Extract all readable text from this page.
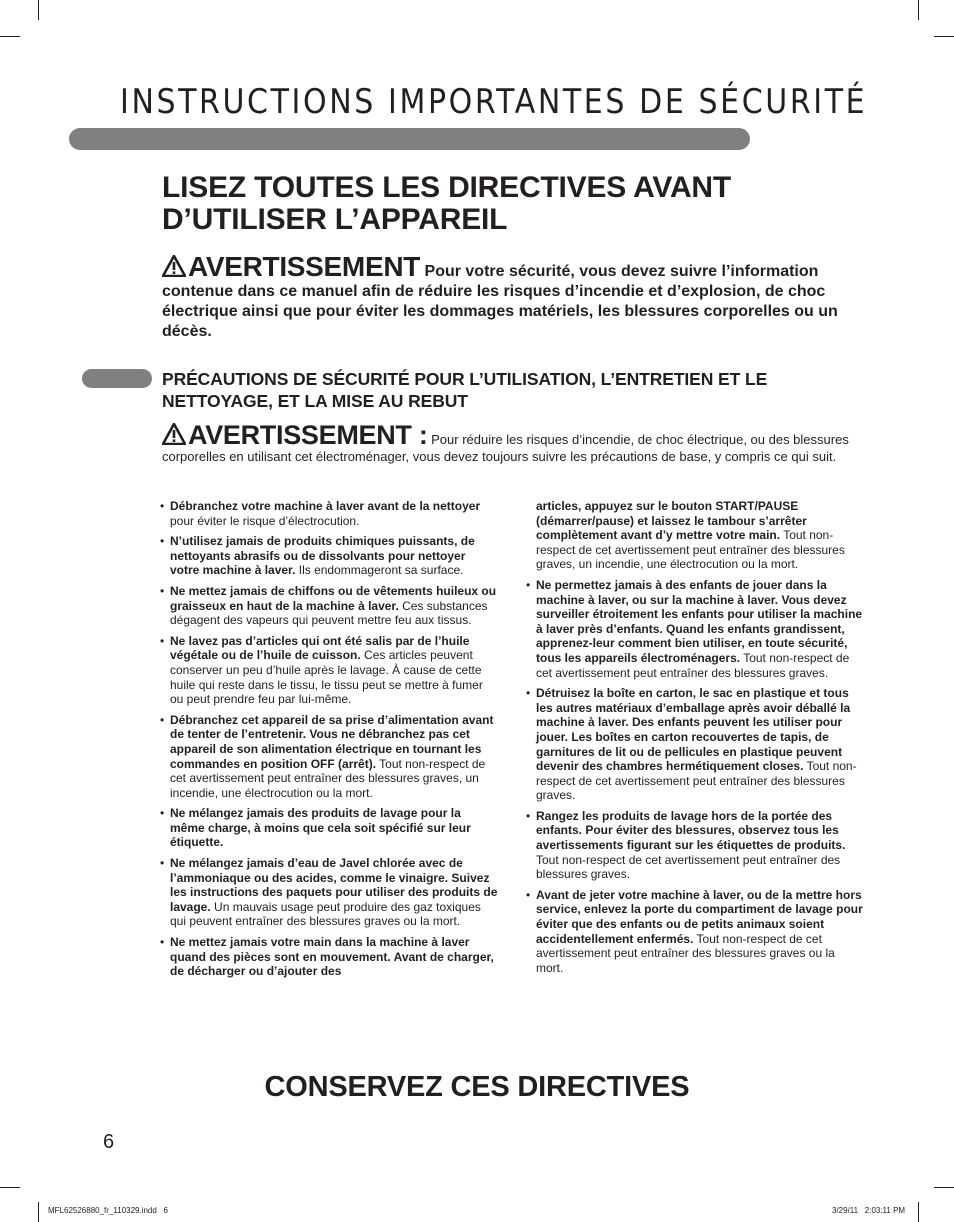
INSTRUCTIONS IMPORTANTES DE SÉCURITÉ
LISEZ TOUTES LES DIRECTIVES AVANT D’UTILISER L’APPAREIL
AVERTISSEMENT Pour votre sécurité, vous devez suivre l’information contenue dans ce manuel afin de réduire les risques d’incendie et d’explosion, de choc électrique ainsi que pour éviter les dommages matériels, les blessures corporelles ou un décès.
PRÉCAUTIONS DE SÉCURITÉ POUR L’UTILISATION, L’ENTRETIEN ET LE NETTOYAGE, ET LA MISE AU REBUT
AVERTISSEMENT : Pour réduire les risques d’incendie, de choc électrique, ou des blessures corporelles en utilisant cet électroménager, vous devez toujours suivre les précautions de base, y compris ce qui suit.

• Débranchez votre machine à laver avant de la nettoyer pour éviter le risque d’électrocution.

• N’utilisez jamais de produits chimiques puissants, de nettoyants abrasifs ou de dissolvants pour nettoyer votre machine à laver. Ils endommageront sa surface.

• Ne mettez jamais de chiffons ou de vêtements huileux ou graisseux en haut de la machine à laver. Ces substances dégagent des vapeurs qui peuvent mettre feu aux tissus.

• Ne lavez pas d’articles qui ont été salis par de l’huile végétale ou de l’huile de cuisson. Ces articles peuvent conserver un peu d’huile après le lavage. À cause de cette huile qui reste dans le tissu, le tissu peut se mettre à fumer ou peut prendre feu par lui-même.

• Débranchez cet appareil de sa prise d’alimentation avant de tenter de l’entretenir. Vous ne débranchez pas cet appareil de son alimentation électrique en tournant les commandes en position OFF (arrêt). Tout non-respect de cet avertissement peut entraîner des blessures graves, un incendie, une électrocution ou la mort.

• Ne mélangez jamais des produits de lavage pour la même charge, à moins que cela soit spécifié sur leur étiquette.

• Ne mélangez jamais d’eau de Javel chlorée avec de l’ammoniaque ou des acides, comme le vinaigre. Suivez les instructions des paquets pour utiliser des produits de lavage. Un mauvais usage peut produire des gaz toxiques qui peuvent entraîner des blessures graves ou la mort.

• Ne mettez jamais votre main dans la machine à laver quand des pièces sont en mouvement. Avant de charger, de décharger ou d’ajouter des

articles, appuyez sur le bouton START/PAUSE (démarrer/pause) et laissez le tambour s’arrêter complètement avant d’y mettre votre main. Tout non-respect de cet avertissement peut entraîner des blessures graves, un incendie, une électrocution ou la mort.

• Ne permettez jamais à des enfants de jouer dans la machine à laver, ou sur la machine à laver. Vous devez surveiller étroitement les enfants pour utiliser la machine à laver près d’enfants. Quand les enfants grandissent, apprenez-leur comment bien utiliser, en toute sécurité, tous les appareils électroménagers. Tout non-respect de cet avertissement peut entraîner des blessures graves.

• Détruisez la boîte en carton, le sac en plastique et tous les autres matériaux d’emballage après avoir déballé la machine à laver. Des enfants peuvent les utiliser pour jouer. Les boîtes en carton recouvertes de tapis, de garnitures de lit ou de pellicules en plastique peuvent devenir des chambres hermétiquement closes. Tout non-respect de cet avertissement peut entraîner des blessures graves.

• Rangez les produits de lavage hors de la portée des enfants. Pour éviter des blessures, observez tous les avertissements figurant sur les étiquettes de produits. Tout non-respect de cet avertissement peut entraîner des blessures graves.

• Avant de jeter votre machine à laver, ou de la mettre hors service, enlevez la porte du compartiment de lavage pour éviter que des enfants ou de petits animaux soient accidentellement enfermés. Tout non-respect de cet avertissement peut entraîner des blessures graves ou la mort.

CONSERVEZ CES DIRECTIVES
6
MFL62526880_fr_110329.indd   6	3/29/11   2:03:11 PM
